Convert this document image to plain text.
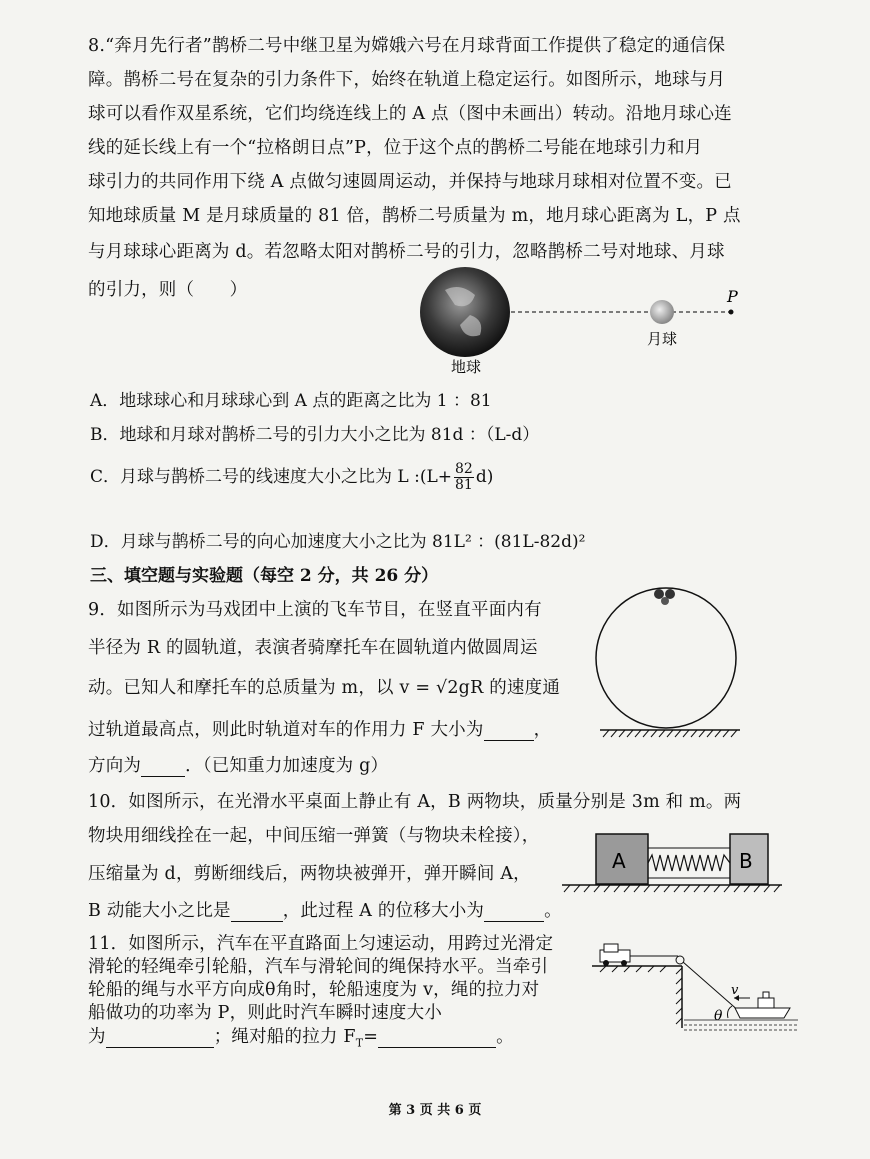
8.“奔月先行者”鹊桥二号中继卫星为嫦娥六号在月球背面工作提供了稳定的通信保
障。鹊桥二号在复杂的引力条件下，始终在轨道上稳定运行。如图所示，地球与月
球可以看作双星系统，它们均绕连线上的 A 点（图中未画出）转动。沿地月球心连
线的延长线上有一个“拉格朗日点”P，位于这个点的鹊桥二号能在地球引力和月
球引力的共同作用下绕 A 点做匀速圆周运动，并保持与地球月球相对位置不变。已
知地球质量 M 是月球质量的 81 倍，鹊桥二号质量为 m，地月球心距离为 L，P 点
与月球球心距离为 d。若忽略太阳对鹊桥二号的引力，忽略鹊桥二号对地球、月球
的引力，则（　　）	P
月球
地球
A．地球球心和月球球心到 A 点的距离之比为 1 ：81
B．地球和月球对鹊桥二号的引力大小之比为 81d ：（L-d）
C．月球与鹊桥二号的线速度大小之比为 L :(L+ $\frac{82}{81} d$)
D．月球与鹊桥二号的向心加速度大小之比为 81L² ：(81L-82d)²
三、填空题与实验题（每空 2 分，共 26 分）
9．如图所示为马戏团中上演的飞车节目，在竖直平面内有
半径为 R 的圆轨道，表演者骑摩托车在圆轨道内做圆周运
动。已知人和摩托车的总质量为 m，以 v = √2gR 的速度通
过轨道最高点，则此时轨道对车的作用力 F 大小为	，
方向为	．（已知重力加速度为 g）
10．如图所示，在光滑水平桌面上静止有 A，B 两物块，质量分别是 3m 和 m。两
物块用细线拴在一起，中间压缩一弹簧（与物块未栓接），
压缩量为 d，剪断细线后，两物块被弹开，弹开瞬间 A，
B 动能大小之比是	，此过程 A 的位移大小为	。
A	B
11．如图所示，汽车在平直路面上匀速运动，用跨过光滑定
滑轮的轻绳牵引轮船，汽车与滑轮间的绳保持水平。当牵引
轮船的绳与水平方向成θ角时，轮船速度为 v，绳的拉力对
船做功的功率为 P，则此时汽车瞬时速度大小
为	；绳对船的拉力 $F_T=$	。
v
θ
第 3 页 共 6 页
